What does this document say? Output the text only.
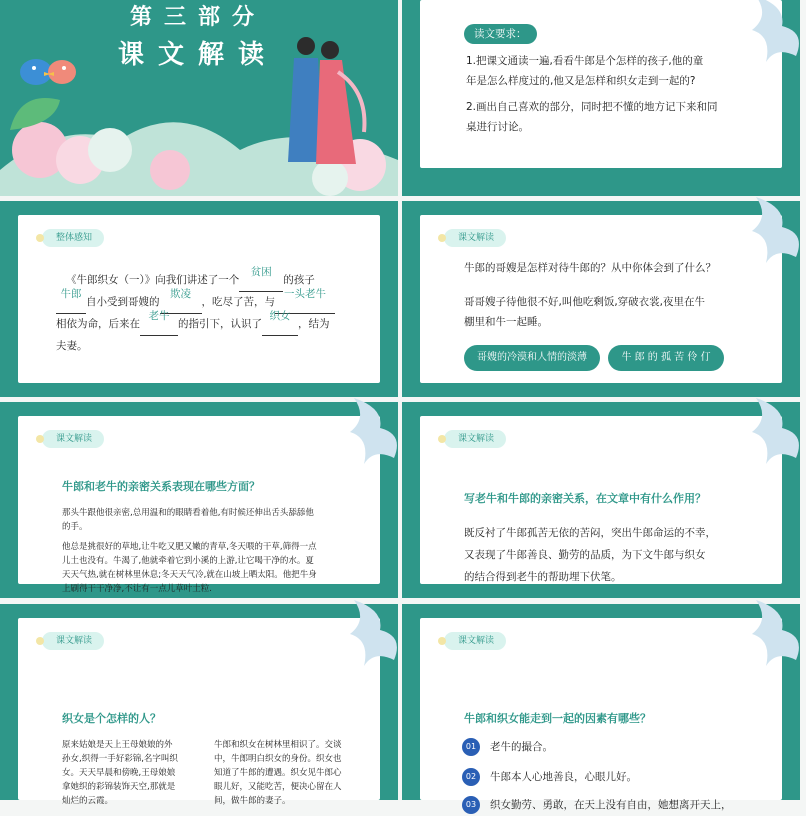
第三部分
课文解读
读文要求：
1.把课文通读一遍,看看牛郎是个怎样的孩子,他的童
年是怎么样度过的,他又是怎样和织女走到一起的?
2.画出自己喜欢的部分，同时把不懂的地方记下来和同
桌进行讨论。
整体感知
《牛郎织女（一）》向我们讲述了一个贫困的孩子
牛郎自小受到哥嫂的欺凌，吃尽了苦，与一头老牛
相依为命，后来在老牛的指引下，认识了织女，结为
夫妻。
课文解读
牛郎的哥嫂是怎样对待牛郎的？从中你体会到了什么？
哥哥嫂子待他很不好,叫他吃剩饭,穿破衣裳,夜里在牛
棚里和牛一起睡。
哥嫂的冷漠和人情的淡薄	牛 郎 的 孤 苦 伶 仃
课文解读
牛郎和老牛的亲密关系表现在哪些方面？
那头牛跟他很亲密,总用温和的眼睛看着他,有时候还伸出舌头舔舔他
的手。
他总是挑很好的草地,让牛吃又肥又嫩的青草,冬天喂的干草,筛得一点
儿土也没有。牛渴了,他就牵着它到小溪的上游,让它喝干净的水。夏
天天气热,就在树林里休息;冬天天气冷,就在山坡上晒太阳。他把牛身
上刷得干干净净,不让有一点儿草叶土粒.
课文解读
写老牛和牛郎的亲密关系，在文章中有什么作用？
既反衬了牛郎孤苦无依的苦闷，突出牛郎命运的不幸，
又表现了牛郎善良、勤劳的品质，为下文牛郎与织女
的结合得到老牛的帮助埋下伏笔。
课文解读
织女是个怎样的人？
原来姑娘是天上王母娘娘的外
孙女,织得一手好彩锦,名字叫织
女。天天早晨和傍晚,王母娘娘
拿她织的彩锦装饰天空,那就是
灿烂的云霞。
牛郎和织女在树林里相识了。交谈
中，牛郎明白织女的身份。织女也
知道了牛郎的遭遇。织女见牛郎心
眼儿好，又能吃苦，便决心留在人
间，做牛郎的妻子。
课文解读
牛郎和织女能走到一起的因素有哪些？
01	老牛的撮合。
02	牛郎本人心地善良，心眼儿好。
03	织女勤劳、勇敢，在天上没有自由，她想离开天上，
